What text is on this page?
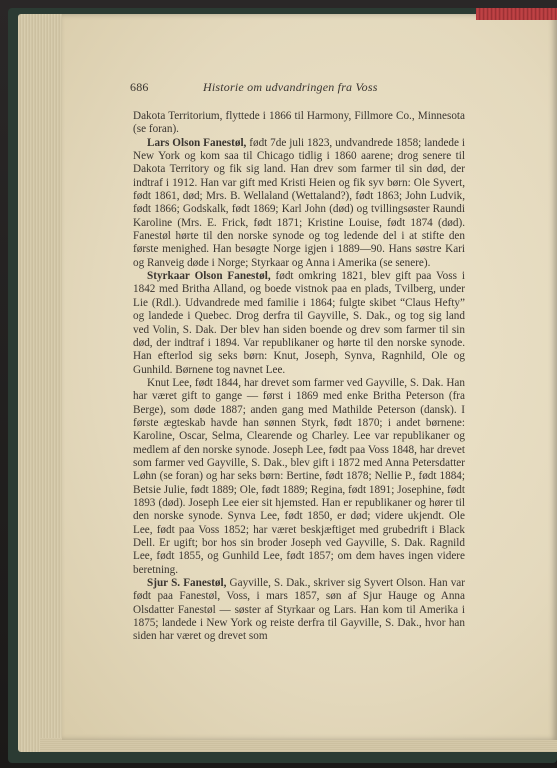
686	Historie om udvandringen fra Voss

Dakota Territorium, flyttede i 1866 til Harmony, Fillmore Co., Minnesota (se foran).

Lars Olson Fanestøl, født 7de juli 1823, undvandrede 1858; landede i New York og kom saa til Chicago tidlig i 1860 aarene; drog senere til Dakota Territory og fik sig land. Han drev som farmer til sin død, der indtraf i 1912. Han var gift med Kristi Heien og fik syv børn: Ole Syvert, født 1861, død; Mrs. B. Wellaland (Wettaland?), født 1863; John Ludvik, født 1866; Godskalk, født 1869; Karl John (død) og tvillingsøster Raundi Karoline (Mrs. E. Frick, født 1871; Kristine Louise, født 1874 (død). Fanestøl hørte til den norske synode og tog ledende del i at stifte den første menighed. Han besøgte Norge igjen i 1889—90. Hans søstre Kari og Ranveig døde i Norge; Styrkaar og Anna i Amerika (se senere).

Styrkaar Olson Fanestøl, født omkring 1821, blev gift paa Voss i 1842 med Britha Alland, og boede vistnok paa en plads, Tvilberg, under Lie (Rdl.). Udvandrede med familie i 1864; fulgte skibet “Claus Hefty” og landede i Quebec. Drog derfra til Gayville, S. Dak., og tog sig land ved Volin, S. Dak. Der blev han siden boende og drev som farmer til sin død, der indtraf i 1894. Var republikaner og hørte til den norske synode. Han efterlod sig seks børn: Knut, Joseph, Synva, Ragnhild, Ole og Gunhild. Børnene tog navnet Lee.

Knut Lee, født 1844, har drevet som farmer ved Gayville, S. Dak. Han har været gift to gange — først i 1869 med enke Britha Peterson (fra Berge), som døde 1887; anden gang med Mathilde Peterson (dansk). I første ægteskab havde han sønnen Styrk, født 1870; i andet børnene: Karoline, Oscar, Selma, Clearende og Charley. Lee var republikaner og medlem af den norske synode. Joseph Lee, født paa Voss 1848, har drevet som farmer ved Gayville, S. Dak., blev gift i 1872 med Anna Petersdatter Løhn (se foran) og har seks børn: Bertine, født 1878; Nellie P., født 1884; Betsie Julie, født 1889; Ole, født 1889; Regina, født 1891; Josephine, født 1893 (død). Joseph Lee eier sit hjemsted. Han er republikaner og hører til den norske synode. Synva Lee, født 1850, er død; videre ukjendt. Ole Lee, født paa Voss 1852; har været beskjæftiget med grubedrift i Black Dell. Er ugift; bor hos sin broder Joseph ved Gayville, S. Dak. Ragnild Lee, født 1855, og Gunhild Lee, født 1857; om dem haves ingen videre beretning.

Sjur S. Fanestøl, Gayville, S. Dak., skriver sig Syvert Olson. Han var født paa Fanestøl, Voss, i mars 1857, søn af Sjur Hauge og Anna Olsdatter Fanestøl — søster af Styrkaar og Lars. Han kom til Amerika i 1875; landede i New York og reiste derfra til Gayville, S. Dak., hvor han siden har været og drevet som
